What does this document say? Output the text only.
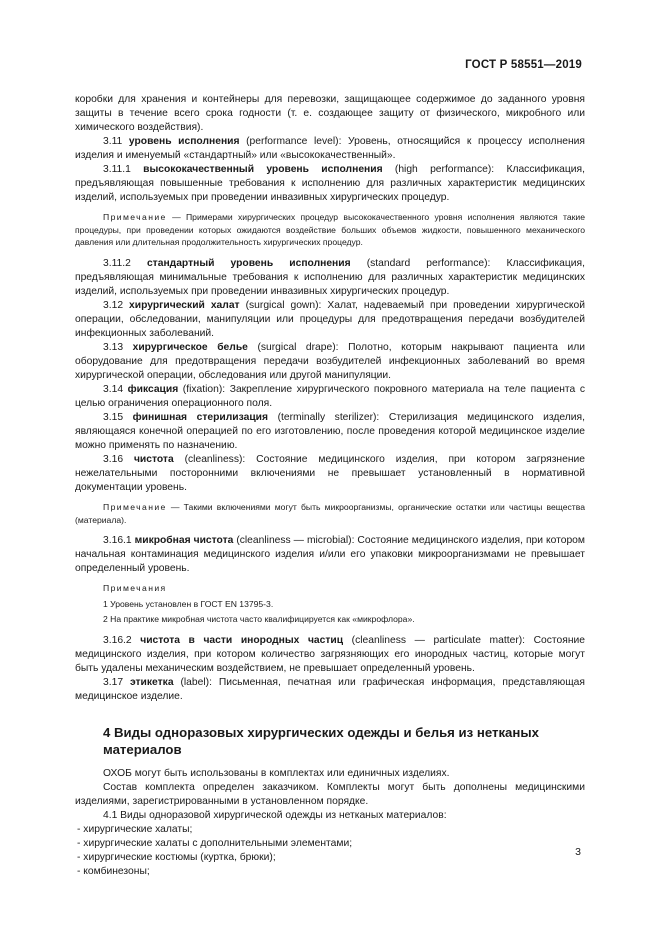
ГОСТ Р 58551—2019

коробки для хранения и контейнеры для перевозки, защищающее содержимое до заданного уровня защиты в течение всего срока годности (т. е. создающее защиту от физического, микробного или химического воздействия).

3.11 уровень исполнения (performance level): Уровень, относящийся к процессу исполнения изделия и именуемый «стандартный» или «высококачественный».

3.11.1 высококачественный уровень исполнения (high performance): Классификация, предъявляющая повышенные требования к исполнению для различных характеристик медицинских изделий, используемых при проведении инвазивных хирургических процедур.

Примечание — Примерами хирургических процедур высококачественного уровня исполнения являются такие процедуры, при проведении которых ожидаются воздействие больших объемов жидкости, повышенного механического давления или длительная продолжительность хирургических процедур.

3.11.2 стандартный уровень исполнения (standard performance): Классификация, предъявляющая минимальные требования к исполнению для различных характеристик медицинских изделий, используемых при проведении инвазивных хирургических процедур.

3.12 хирургический халат (surgical gown): Халат, надеваемый при проведении хирургической операции, обследовании, манипуляции или процедуры для предотвращения передачи возбудителей инфекционных заболеваний.

3.13 хирургическое белье (surgical drape): Полотно, которым накрывают пациента или оборудование для предотвращения передачи возбудителей инфекционных заболеваний во время хирургической операции, обследования или другой манипуляции.

3.14 фиксация (fixation): Закрепление хирургического покровного материала на теле пациента с целью ограничения операционного поля.

3.15 финишная стерилизация (terminally sterilizer): Стерилизация медицинского изделия, являющаяся конечной операцией по его изготовлению, после проведения которой медицинское изделие можно применять по назначению.

3.16 чистота (cleanliness): Состояние медицинского изделия, при котором загрязнение нежелательными посторонними включениями не превышает установленный в нормативной документации уровень.

Примечание — Такими включениями могут быть микроорганизмы, органические остатки или частицы вещества (материала).

3.16.1 микробная чистота (cleanliness — microbial): Состояние медицинского изделия, при котором начальная контаминация медицинского изделия и/или его упаковки микроорганизмами не превышает определенный уровень.

Примечания
1 Уровень установлен в ГОСТ EN 13795-3.
2 На практике микробная чистота часто квалифицируется как «микрофлора».

3.16.2 чистота в части инородных частиц (cleanliness — particulate matter): Состояние медицинского изделия, при котором количество загрязняющих его инородных частиц, которые могут быть удалены механическим воздействием, не превышает определенный уровень.

3.17 этикетка (label): Письменная, печатная или графическая информация, представляющая медицинское изделие.

4 Виды одноразовых хирургических одежды и белья из нетканых материалов

ОХОБ могут быть использованы в комплектах или единичных изделиях.

Состав комплекта определен заказчиком. Комплекты могут быть дополнены медицинскими изделиями, зарегистрированными в установленном порядке.

4.1 Виды одноразовой хирургической одежды из нетканых материалов:

- хирургические халаты;

- хирургические халаты с дополнительными элементами;

- хирургические костюмы (куртка, брюки);

- комбинезоны;

3
